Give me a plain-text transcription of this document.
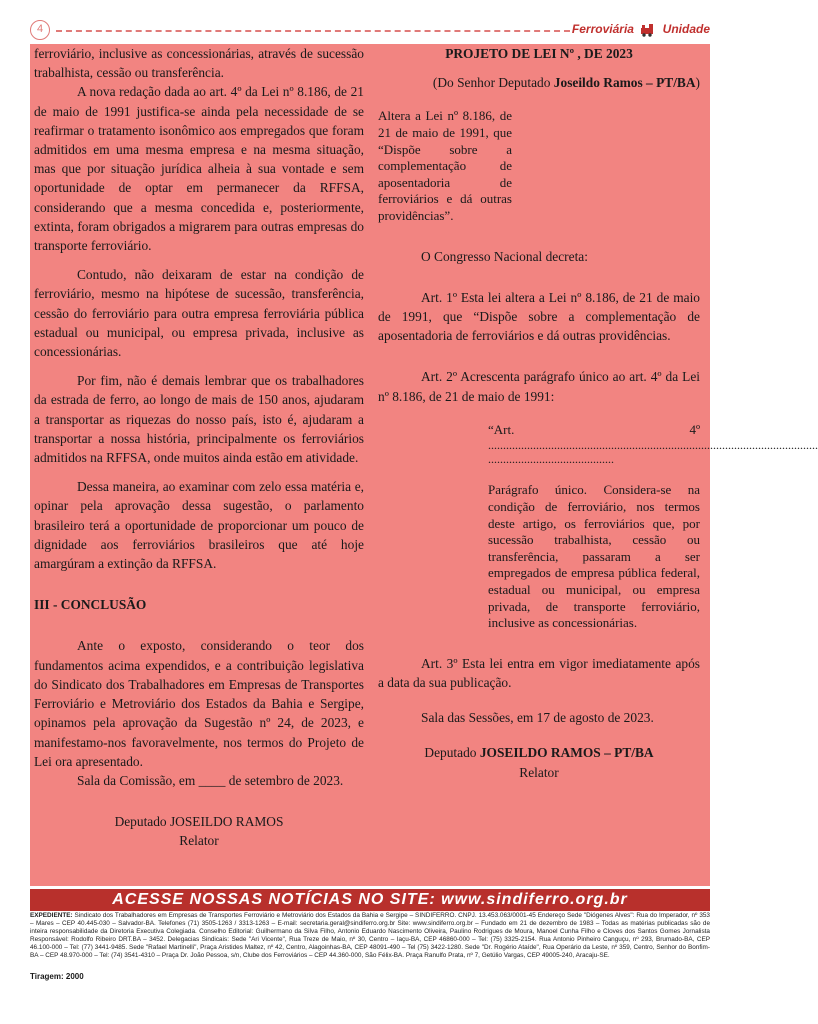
4	Ferroviária Unidade

ferroviário, inclusive as concessionárias, através de sucessão trabalhista, cessão ou transferência.

A nova redação dada ao art. 4º da Lei nº 8.186, de 21 de maio de 1991 justifica-se ainda pela necessidade de se reafirmar o tratamento isonômico aos empregados que foram admitidos em uma mesma empresa e na mesma situação, mas que por situação jurídica alheia à sua vontade e sem oportunidade de optar em permanecer da RFFSA, considerando que a mesma concedida e, posteriormente, extinta, foram obrigados a migrarem para outras empresas do transporte ferroviário.

Contudo, não deixaram de estar na condição de ferroviário, mesmo na hipótese de sucessão, transferência, cessão do ferroviário para outra empresa ferroviária pública estadual ou municipal, ou empresa privada, inclusive as concessionárias.

Por fim, não é demais lembrar que os trabalhadores da estrada de ferro, ao longo de mais de 150 anos, ajudaram a transportar as riquezas do nosso país, isto é, ajudaram a transportar a nossa história, principalmente os ferroviários admitidos na RFFSA, onde muitos ainda estão em atividade.

Dessa maneira, ao examinar com zelo essa matéria e, opinar pela aprovação dessa sugestão, o parlamento brasileiro terá a oportunidade de proporcionar um pouco de dignidade aos ferroviários brasileiros que até hoje amargúram a extinção da RFFSA.

III - CONCLUSÃO

Ante o exposto, considerando o teor dos fundamentos acima expendidos, e a contribuição legislativa do Sindicato dos Trabalhadores em Empresas de Transportes Ferroviário e Metroviário dos Estados da Bahia e Sergipe, opinamos pela aprovação da Sugestão nº 24, de 2023, e manifestamo-nos favoravelmente, nos termos do Projeto de Lei ora apresentado.

Sala da Comissão, em ____ de setembro de 2023.

Deputado JOSEILDO RAMOS

Relator

PROJETO DE LEI Nº , DE 2023

(Do Senhor Deputado Joseildo Ramos – PT/BA)

Altera a Lei nº 8.186, de 21 de maio de 1991, que “Dispõe sobre a complementação de aposentadoria de ferroviários e dá outras providências”.

O Congresso Nacional decreta:

Art. 1º Esta lei altera a Lei nº 8.186, de 21 de maio de 1991, que “Dispõe sobre a complementação de aposentadoria de ferroviários e dá outras providências.

Art. 2º Acrescenta parágrafo único ao art. 4º da Lei nº 8.186, de 21 de maio de 1991:

“Art. 4º

..............................................................................................................

..........................................

Parágrafo único. Considera-se na condição de ferroviário, nos termos deste artigo, os ferroviários que, por sucessão trabalhista, cessão ou transferência, passaram a ser empregados de empresa pública federal, estadual ou municipal, ou empresa privada, de transporte ferroviário, inclusive as concessionárias.

Art. 3º Esta lei entra em vigor imediatamente após a data da sua publicação.

Sala das Sessões, em 17 de agosto de 2023.

Deputado JOSEILDO RAMOS – PT/BA

Relator

ACESSE NOSSAS NOTÍCIAS NO SITE: www.sindiferro.org.br
EXPEDIENTE: Sindicato dos Trabalhadores em Empresas de Transportes Ferroviário e Metroviário dos Estados da Bahia e Sergipe – SINDIFERRO. CNPJ. 13.453.063/0001-45 Endereço Sede "Diógenes Alves": Rua do Imperador, nº 353 – Mares – CEP 40.445-030 – Salvador-BA. Telefones (71) 3505-1263 / 3313-1263 – E-mail: secretaria.geral@sindiferro.org.br Site: www.sindiferro.org.br – Fundado em 21 de dezembro de 1983 – Todas as matérias publicadas são de inteira responsabilidade da Diretoria Executiva Colegiada. Conselho Editorial: Guilhermano da Silva Filho, Antonio Eduardo Nascimento Oliveira, Paulino Rodrigues de Moura, Manoel Cunha Filho e Cloves dos Santos Gomes Jornalista Responsável: Rodolfo Ribeiro DRT.BA – 3452. Delegacias Sindicais: Sede "Ari Vicente", Rua Treze de Maio, nº 30, Centro – Iaçu-BA, CEP 46860-000 – Tel: (75) 3325-2154. Rua Antonio Pinheiro Canguçu, nº 293, Brumado-BA, CEP 46.100-000 – Tel: (77) 3441-9485. Sede "Rafael Martinelli", Praça Aristides Maltez, nº 42, Centro, Alagoinhas-BA, CEP 48091-490 – Tel (75) 3422-1280. Sede "Dr. Rogério Ataíde", Rua Operário da Leste, nº 359, Centro, Senhor do Bonfim-BA – CEP 48.970-000 – Tel: (74) 3541-4310 – Praça Dr. João Pessoa, s/n, Clube dos Ferroviários – CEP 44.360-000, São Félix-BA. Praça Ranulfo Prata, nº 7, Getúlio Vargas, CEP 49005-240, Aracaju-SE.
Tiragem: 2000
